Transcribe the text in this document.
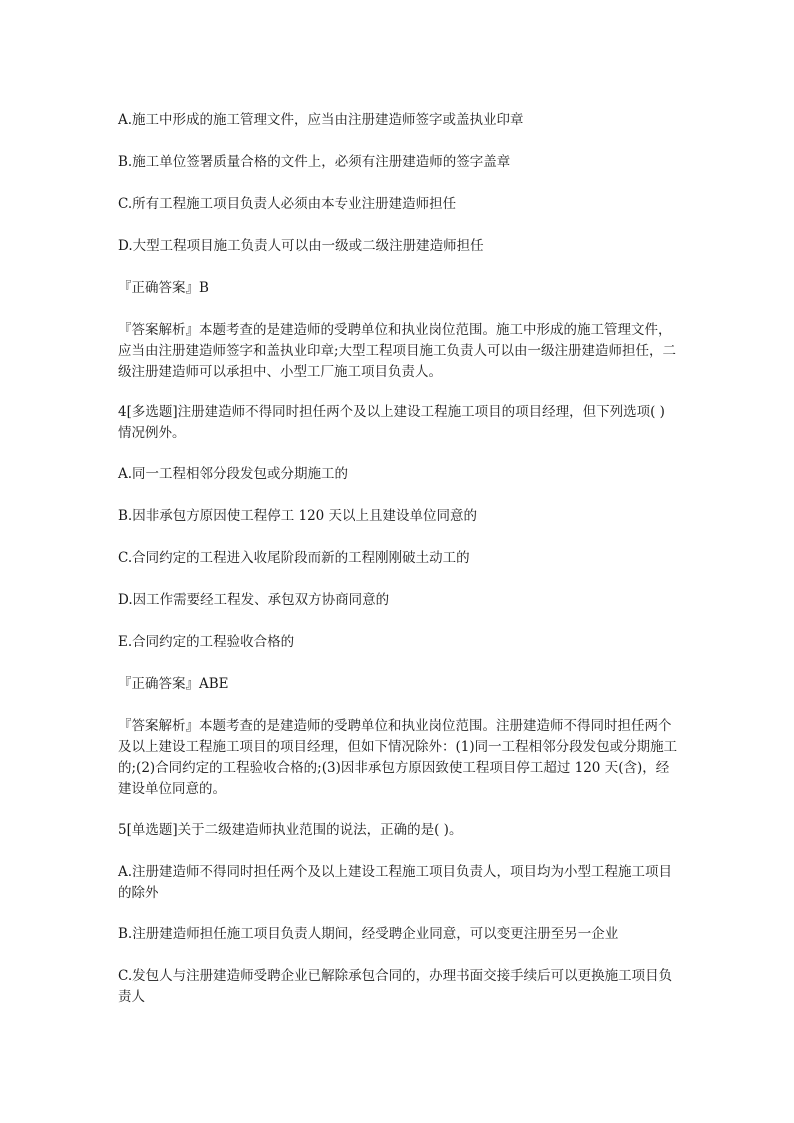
A.施工中形成的施工管理文件，应当由注册建造师签字或盖执业印章

B.施工单位签署质量合格的文件上，必须有注册建造师的签字盖章

C.所有工程施工项目负责人必须由本专业注册建造师担任

D.大型工程项目施工负责人可以由一级或二级注册建造师担任

『正确答案』B

『答案解析』本题考查的是建造师的受聘单位和执业岗位范围。施工中形成的施工管理文件，应当由注册建造师签字和盖执业印章;大型工程项目施工负责人可以由一级注册建造师担任，二级注册建造师可以承担中、小型工厂施工项目负责人。

4[多选题]注册建造师不得同时担任两个及以上建设工程施工项目的项目经理，但下列选项( )情况例外。

A.同一工程相邻分段发包或分期施工的

B.因非承包方原因使工程停工 120 天以上且建设单位同意的

C.合同约定的工程进入收尾阶段而新的工程刚刚破土动工的

D.因工作需要经工程发、承包双方协商同意的

E.合同约定的工程验收合格的

『正确答案』ABE

『答案解析』本题考查的是建造师的受聘单位和执业岗位范围。注册建造师不得同时担任两个及以上建设工程施工项目的项目经理，但如下情况除外：(1)同一工程相邻分段发包或分期施工的;(2)合同约定的工程验收合格的;(3)因非承包方原因致使工程项目停工超过 120 天(含)，经建设单位同意的。

5[单选题]关于二级建造师执业范围的说法，正确的是( )。

A.注册建造师不得同时担任两个及以上建设工程施工项目负责人，项目均为小型工程施工项目的除外

B.注册建造师担任施工项目负责人期间，经受聘企业同意，可以变更注册至另一企业

C.发包人与注册建造师受聘企业已解除承包合同的，办理书面交接手续后可以更换施工项目负责人
